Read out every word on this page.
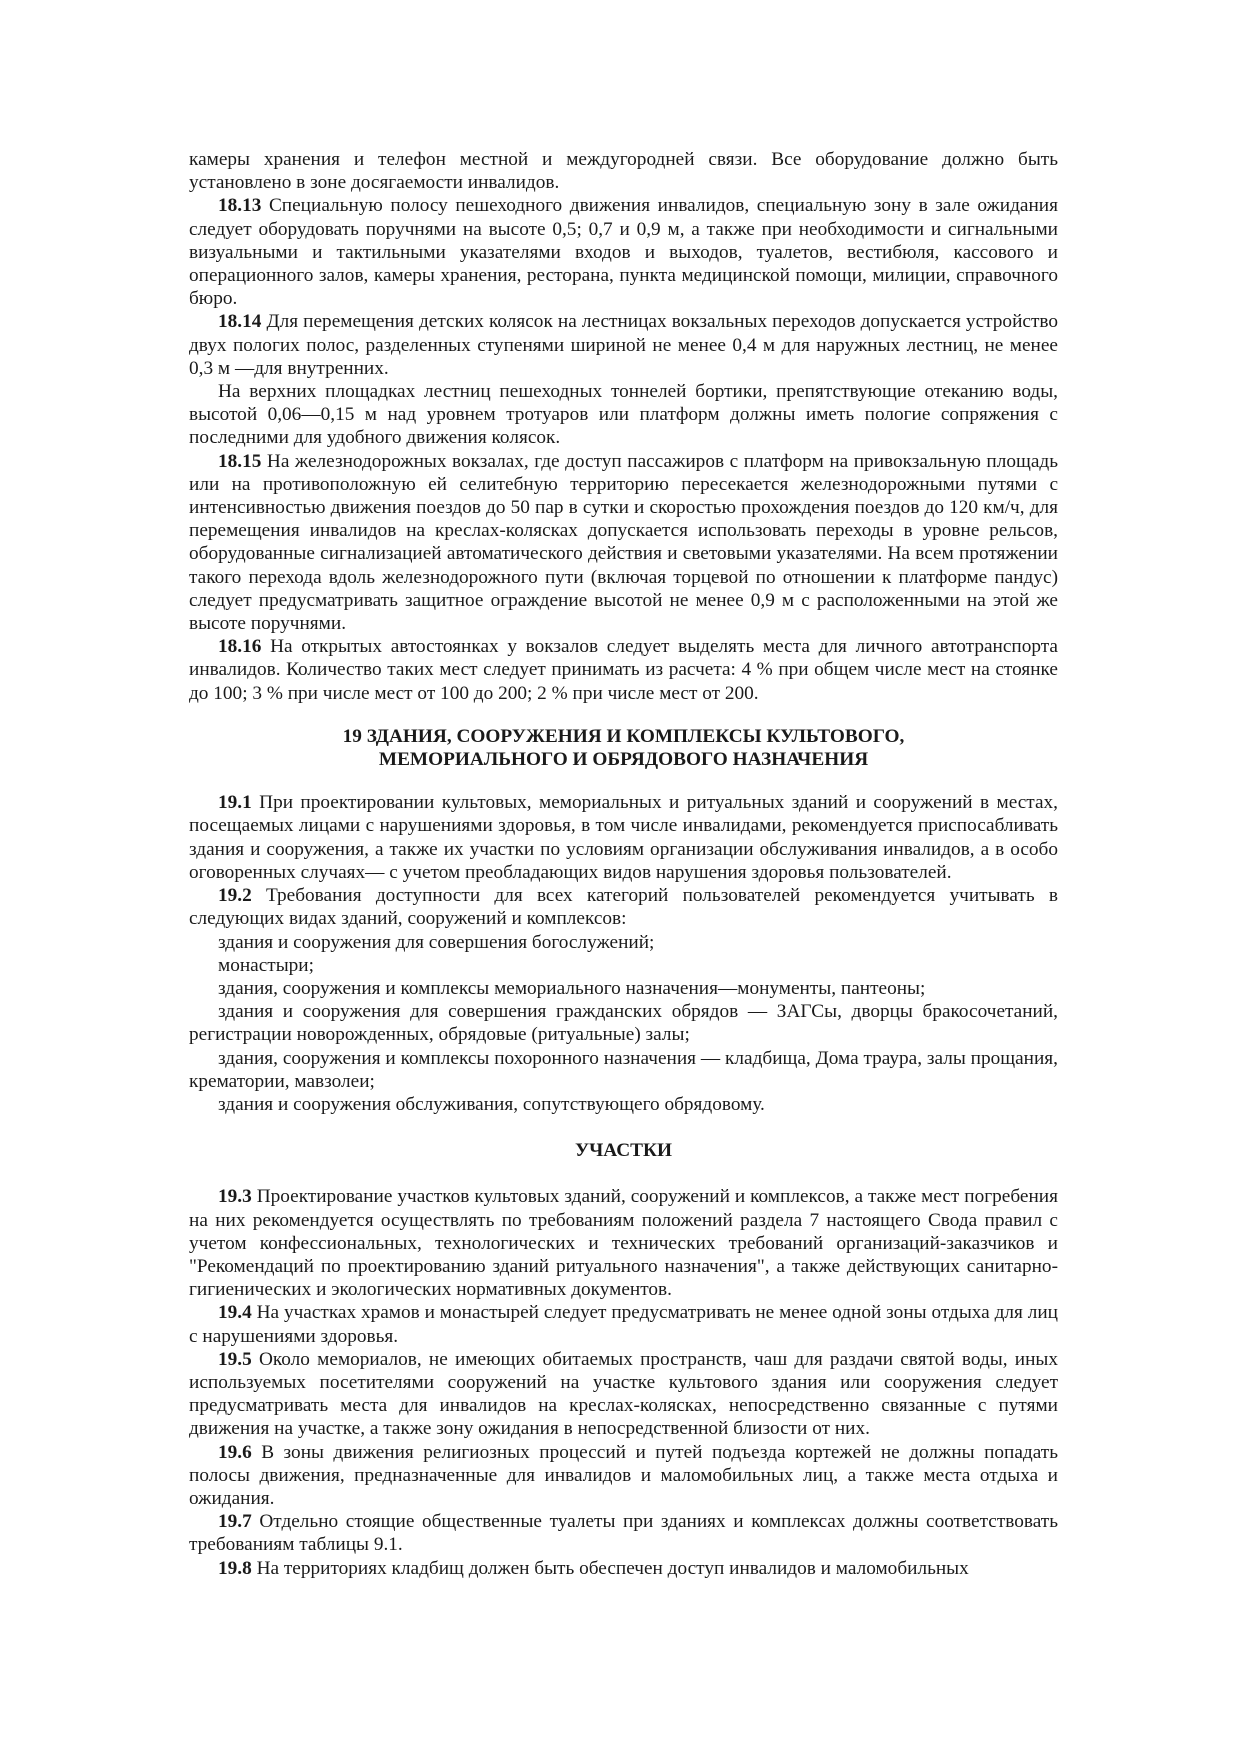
камеры хранения и телефон местной и междугородней связи. Все оборудование должно быть установлено в зоне досягаемости инвалидов.

18.13 Специальную полосу пешеходного движения инвалидов, специальную зону в зале ожидания следует оборудовать поручнями на высоте 0,5; 0,7 и 0,9 м, а также при необходимости и сигнальными визуальными и тактильными указателями входов и выходов, туалетов, вестибюля, кассового и операционного залов, камеры хранения, ресторана, пункта медицинской помощи, милиции, справочного бюро.

18.14 Для перемещения детских колясок на лестницах вокзальных переходов допускается устройство двух пологих полос, разделенных ступенями шириной не менее 0,4 м для наружных лестниц, не менее 0,3 м —для внутренних.

На верхних площадках лестниц пешеходных тоннелей бортики, препятствующие отеканию воды, высотой 0,06—0,15 м над уровнем тротуаров или платформ должны иметь пологие сопряжения с последними для удобного движения колясок.

18.15 На железнодорожных вокзалах, где доступ пассажиров с платформ на привокзальную площадь или на противоположную ей селитебную территорию пересекается железнодорожными путями с интенсивностью движения поездов до 50 пар в сутки и скоростью прохождения поездов до 120 км/ч, для перемещения инвалидов на креслах-колясках допускается использовать переходы в уровне рельсов, оборудованные сигнализацией автоматического действия и световыми указателями. На всем протяжении такого перехода вдоль железнодорожного пути (включая торцевой по отношении к платформе пандус) следует предусматривать защитное ограждение высотой не менее 0,9 м с расположенными на этой же высоте поручнями.

18.16 На открытых автостоянках у вокзалов следует выделять места для личного автотранспорта инвалидов. Количество таких мест следует принимать из расчета: 4 % при общем числе мест на стоянке до 100; 3 % при числе мест от 100 до 200; 2 % при числе мест от 200.

19 ЗДАНИЯ, СООРУЖЕНИЯ И КОМПЛЕКСЫ КУЛЬТОВОГО,
МЕМОРИАЛЬНОГО И ОБРЯДОВОГО НАЗНАЧЕНИЯ

19.1 При проектировании культовых, мемориальных и ритуальных зданий и сооружений в местах, посещаемых лицами с нарушениями здоровья, в том числе инвалидами, рекомендуется приспосабливать здания и сооружения, а также их участки по условиям организации обслуживания инвалидов, а в особо оговоренных случаях— с учетом преобладающих видов нарушения здоровья пользователей.

19.2 Требования доступности для всех категорий пользователей рекомендуется учитывать в следующих видах зданий, сооружений и комплексов:

здания и сооружения для совершения богослужений;

монастыри;

здания, сооружения и комплексы мемориального назначения—монументы, пантеоны;

здания и сооружения для совершения гражданских обрядов — ЗАГСы, дворцы бракосочетаний, регистрации новорожденных, обрядовые (ритуальные) залы;

здания, сооружения и комплексы похоронного назначения — кладбища, Дома траура, залы прощания, крематории, мавзолеи;

здания и сооружения обслуживания, сопутствующего обрядовому.

УЧАСТКИ

19.3 Проектирование участков культовых зданий, сооружений и комплексов, а также мест погребения на них рекомендуется осуществлять по требованиям положений раздела 7 настоящего Свода правил с учетом конфессиональных, технологических и технических требований организаций-заказчиков и "Рекомендаций по проектированию зданий ритуального назначения", а также действующих санитарно-гигиенических и экологических нормативных документов.

19.4 На участках храмов и монастырей следует предусматривать не менее одной зоны отдыха для лиц с нарушениями здоровья.

19.5 Около мемориалов, не имеющих обитаемых пространств, чаш для раздачи святой воды, иных используемых посетителями сооружений на участке культового здания или сооружения следует предусматривать места для инвалидов на креслах-колясках, непосредственно связанные с путями движения на участке, а также зону ожидания в непосредственной близости от них.

19.6 В зоны движения религиозных процессий и путей подъезда кортежей не должны попадать полосы движения, предназначенные для инвалидов и маломобильных лиц, а также места отдыха и ожидания.

19.7 Отдельно стоящие общественные туалеты при зданиях и комплексах должны соответствовать требованиям таблицы 9.1.

19.8 На территориях кладбищ должен быть обеспечен доступ инвалидов и маломобильных
